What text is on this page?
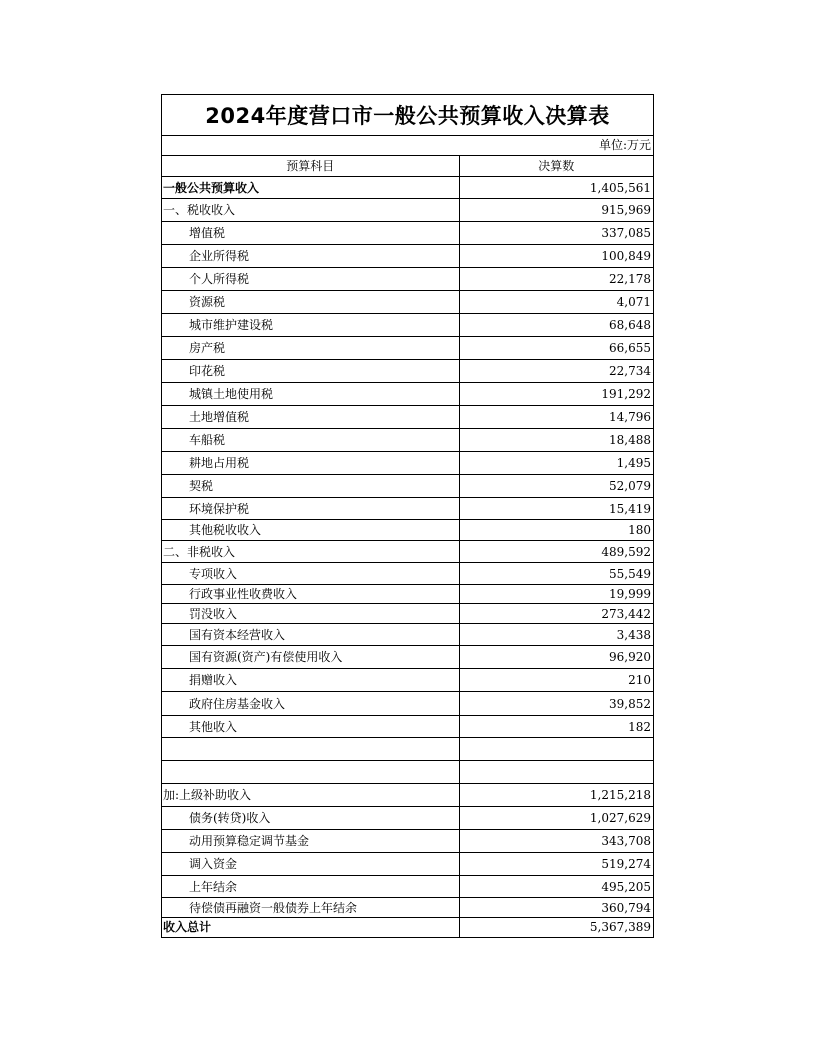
2024年度营口市一般公共预算收入决算表
单位:万元
预算科目	决算数
一般公共预算收入	1,405,561
一、税收收入	915,969
增值税	337,085
企业所得税	100,849
个人所得税	22,178
资源税	4,071
城市维护建设税	68,648
房产税	66,655
印花税	22,734
城镇土地使用税	191,292
土地增值税	14,796
车船税	18,488
耕地占用税	1,495
契税	52,079
环境保护税	15,419
其他税收收入	180
二、非税收入	489,592
专项收入	55,549
行政事业性收费收入	19,999
罚没收入	273,442
国有资本经营收入	3,438
国有资源(资产)有偿使用收入	96,920
捐赠收入	210
政府住房基金收入	39,852
其他收入	182

加:上级补助收入	1,215,218
债务(转贷)收入	1,027,629
动用预算稳定调节基金	343,708
调入资金	519,274
上年结余	495,205
待偿债再融资一般债券上年结余	360,794
收入总计	5,367,389
